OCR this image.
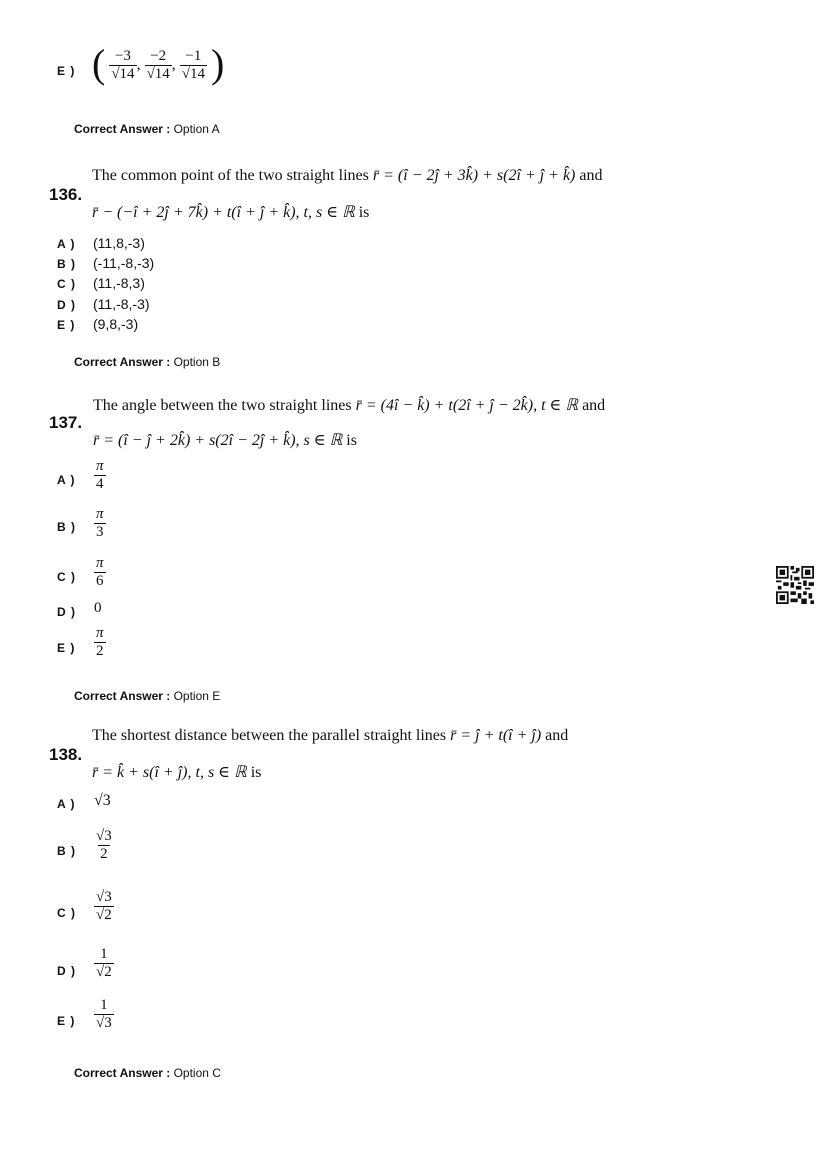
E ) ( $\frac{-3}{√14}$ , $\frac{-2}{√14}$ , $\frac{-1}{√14}$ )
Correct Answer : Option A
136.
The common point of the two straight lines r̄ = (î − 2ĵ + 3k̂) + s(2î + ĵ + k̂) and
r̄ − (−î + 2ĵ + 7k̂) + t(î + ĵ + k̂), t, s ∈ ℝ is
A ) (11,8,-3)
B ) (-11,-8,-3)
C ) (11,-8,3)
D ) (11,-8,-3)
E ) (9,8,-3)
Correct Answer : Option B
137.
The angle between the two straight lines r̄ = (4î − k̂) + t(2î + ĵ − 2k̂), t ∈ ℝ and
r̄ = (î − ĵ + 2k̂) + s(2î − 2ĵ + k̂), s ∈ ℝ is
A ) $\frac{\pi}{4}$
B ) $\frac{\pi}{3}$
C ) $\frac{\pi}{6}$
D ) 0
E ) $\frac{\pi}{2}$
Correct Answer : Option E
138.
The shortest distance between the parallel straight lines r̄ = ĵ + t(î + ĵ) and
r̄ = k̂ + s(î + ĵ), t, s ∈ ℝ is
A ) √3
B ) $\frac{√3}{2}$
C ) $\frac{√3}{√2}$
D ) $\frac{1}{√2}$
E ) $\frac{1}{√3}$
Correct Answer : Option C
